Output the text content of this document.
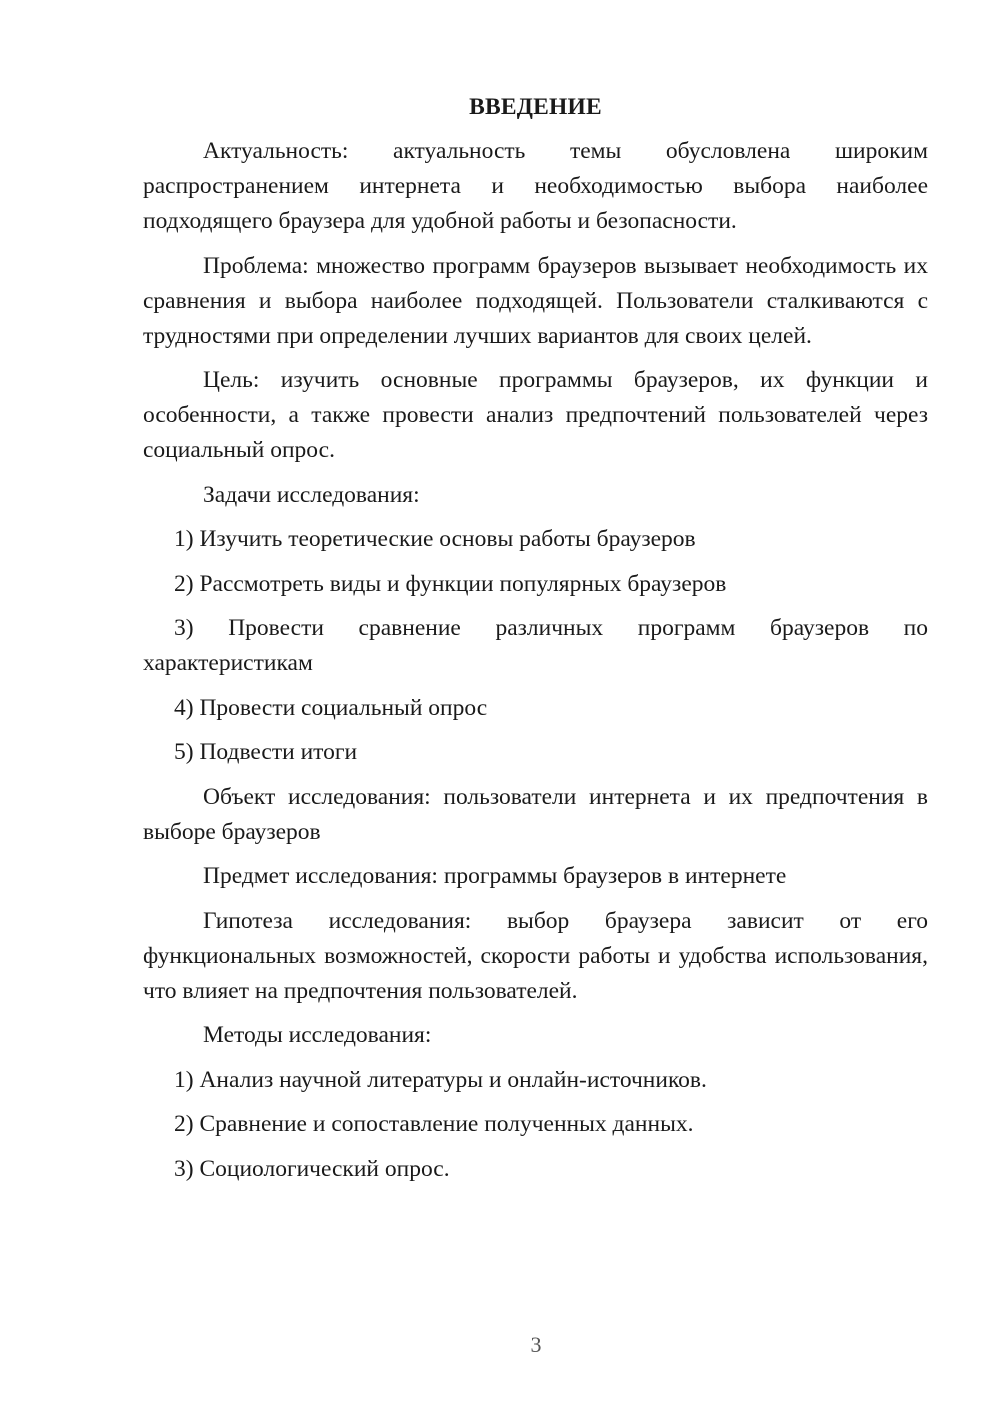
ВВЕДЕНИЕ

Актуальность: актуальность темы обусловлена широким распространением интернета и необходимостью выбора наиболее подходящего браузера для удобной работы и безопасности.

Проблема: множество программ браузеров вызывает необходимость их сравнения и выбора наиболее подходящей. Пользователи сталкиваются с трудностями при определении лучших вариантов для своих целей.

Цель: изучить основные программы браузеров, их функции и особенности, а также провести анализ предпочтений пользователей через социальный опрос.

Задачи исследования:

1) Изучить теоретические основы работы браузеров

2) Рассмотреть виды и функции популярных браузеров

3) Провести сравнение различных программ браузеров по характеристикам

4) Провести социальный опрос

5) Подвести итоги

Объект исследования: пользователи интернета и их предпочтения в выборе браузеров

Предмет исследования: программы браузеров в интернете

Гипотеза исследования: выбор браузера зависит от его функциональных возможностей, скорости работы и удобства использования, что влияет на предпочтения пользователей.

Методы исследования:

1) Анализ научной литературы и онлайн-источников.

2) Сравнение и сопоставление полученных данных.

3) Социологический опрос.

3
